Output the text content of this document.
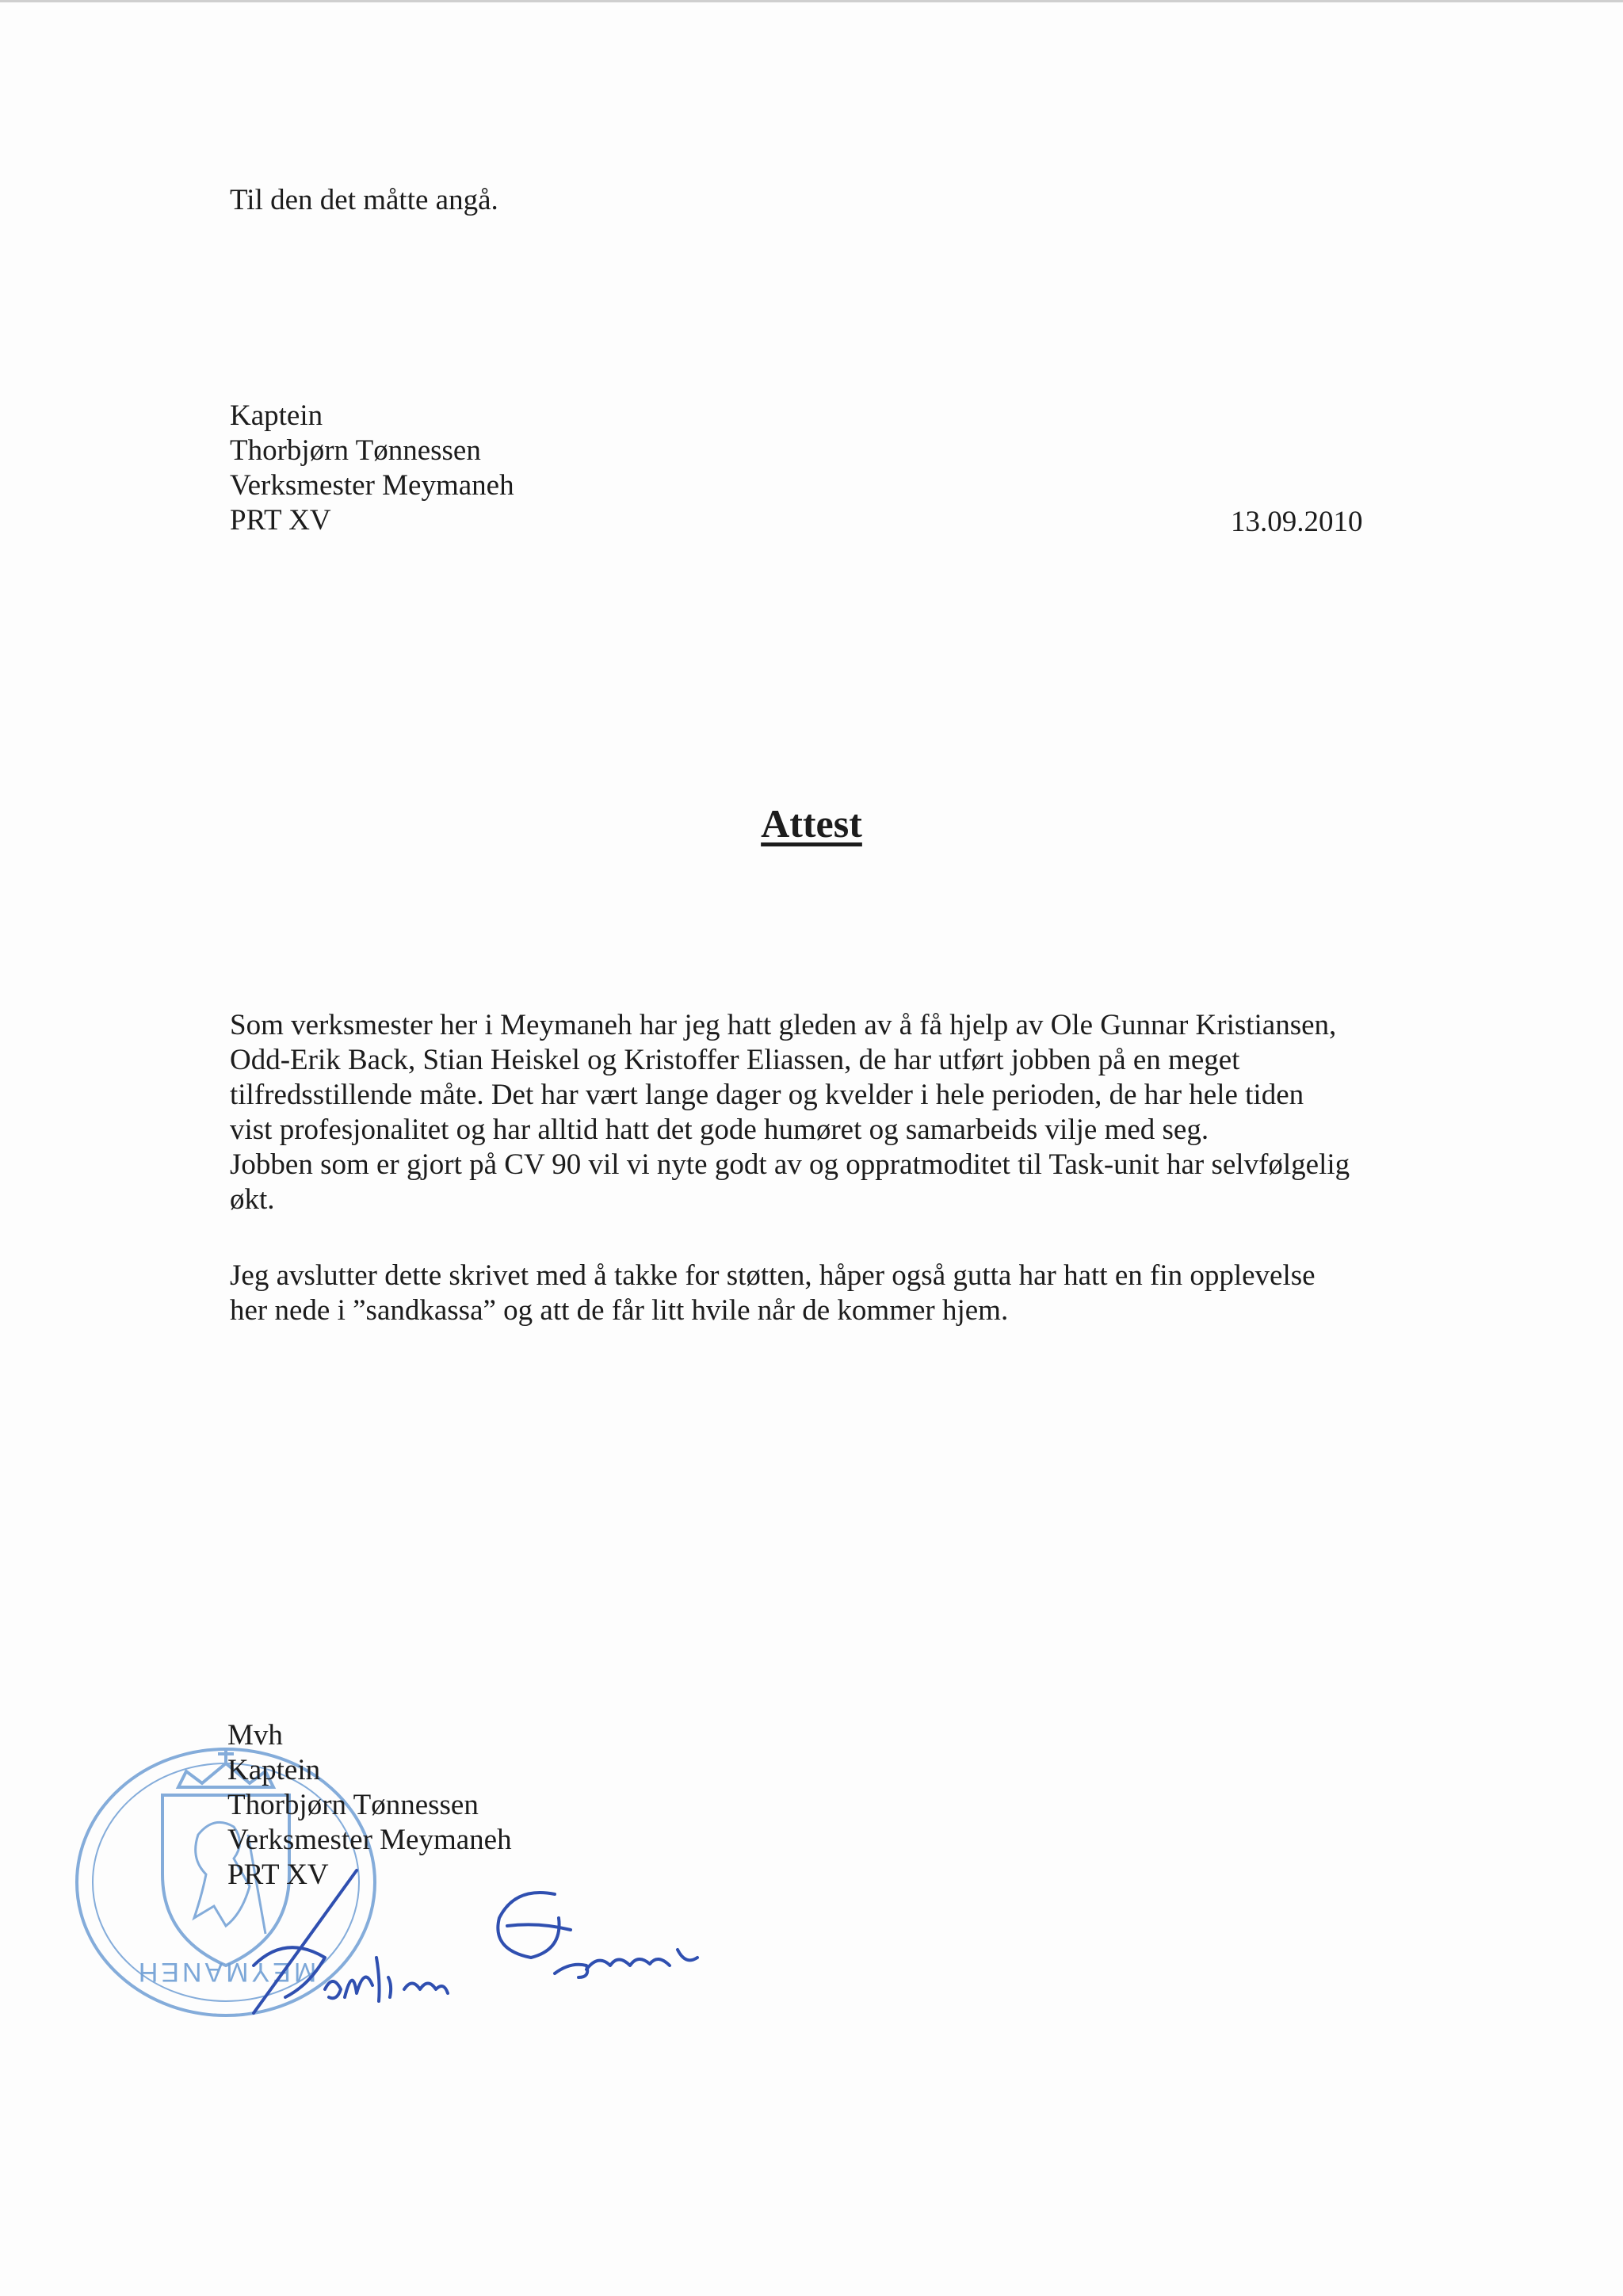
Til den det måtte angå.

Kaptein
Thorbjørn Tønnessen
Verksmester Meymaneh
PRT XV	13.09.2010
Attest
Som verksmester her i Meymaneh har jeg hatt gleden av å få hjelp av Ole Gunnar Kristiansen,
Odd-Erik Back, Stian Heiskel og Kristoffer Eliassen, de har utført jobben på en meget
tilfredsstillende måte. Det har vært lange dager og kvelder i hele perioden, de har hele tiden
vist profesjonalitet og har alltid hatt det gode humøret og samarbeids vilje med seg.
Jobben som er gjort på CV 90 vil vi nyte godt av og oppratmoditet til Task-unit har selvfølgelig
økt.
Jeg avslutter dette skrivet med å takke for støtten, håper også gutta har hatt en fin opplevelse
her nede i ”sandkassa” og att de får litt hvile når de kommer hjem.
MEYMANEH
Mvh
Kaptein
Thorbjørn Tønnessen
Verksmester Meymaneh
PRT XV
